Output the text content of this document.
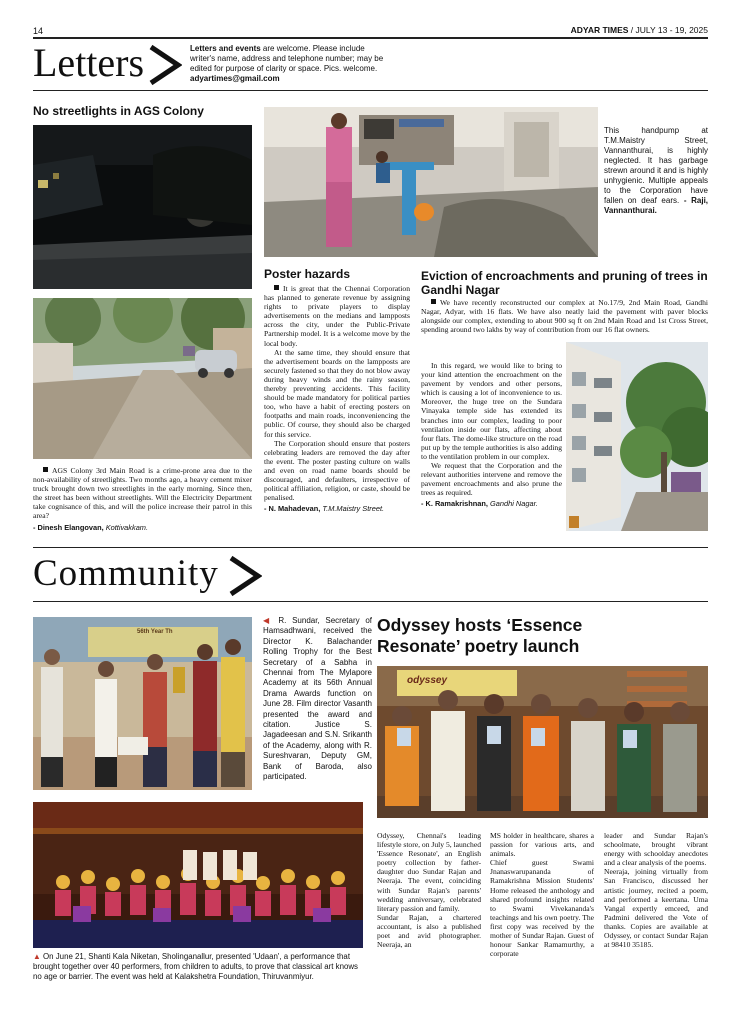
14	ADYAR TIMES / JULY 13 - 19, 2025
Letters	Letters and events are welcome. Please include writer's name, address and telephone number; may be edited for purpose of clarity or space. Pics. welcome. adyartimes@gmail.com
No streetlights in AGS Colony
AGS Colony 3rd Main Road is a crime-prone area due to the non-availability of streetlights. Two months ago, a heavy cement mixer truck brought down two streetlights in the early morning. Since then, the street has been without streetlights. Will the Electricity Department take cognisance of this, and will the police increase their patrol in this area?
- Dinesh Elangovan, Kottivakkam.
This handpump at T.M.Maistry Street, Vannanthurai, is highly neglected. It has garbage strewn around it and is highly unhygienic. Multiple appeals to the Corporation have fallen on deaf ears. - Raji, Vannanthurai.
Poster hazards

It is great that the Chennai Corporation has planned to generate revenue by assigning rights to private players to display advertisements on the medians and lampposts across the city, under the Public-Private Partnership model. It is a welcome move by the local body.

At the same time, they should ensure that the advertisement boards on the lampposts are securely fastened so that they do not blow away during heavy winds and the rainy season, thereby preventing accidents. This facility should be made mandatory for political parties too, who have a habit of erecting posters on footpaths and main roads, inconveniencing the public. Of course, they should also be charged for this service.

The Corporation should ensure that posters celebrating leaders are removed the day after the event. The poster pasting culture on walls and even on road name boards should be discouraged, and defaulters, irrespective of political affiliation, religion, or caste, should be penalised.

- N. Mahadevan, T.M.Maistry Street.
Eviction of encroachments and pruning of trees in Gandhi Nagar

We have recently reconstructed our complex at No.17/9, 2nd Main Road, Gandhi Nagar, Adyar, with 16 flats. We have also neatly laid the pavement with paver blocks alongside our complex, extending to about 900 sq ft on 2nd Main Road and 1st Cross Street, spending around two lakhs by way of contribution from our 16 flat owners.

In this regard, we would like to bring to your kind attention the encroachment on the pavement by vendors and other persons, which is causing a lot of inconvenience to us. Moreover, the huge tree on the Sundara Vinayaka temple side has extended its branches into our complex, leading to poor ventilation inside our flats, affecting about four flats. The dome-like structure on the road put up by the temple authorities is also adding to the ventilation problem in our complex.

We request that the Corporation and the relevant authorities intervene and remove the pavement encroachments and also prune the trees as required.

- K. Ramakrishnan, Gandhi Nagar.
Community
56th Year Th
◀ R. Sundar, Secretary of Hamsadhwani, received the Director K. Balachander Rolling Trophy for the Best Secretary of a Sabha in Chennai from The Mylapore Academy at its 56th Annual Drama Awards function on June 28. Film director Vasanth presented the award and citation. Justice S. Jagadeesan and S.N. Srikanth of the Academy, along with R. Sureshvaran, Deputy GM, Bank of Baroda, also participated.
▲ On June 21, Shanti Kala Niketan, Sholinganallur, presented 'Udaan', a performance that brought together over 40 performers, from children to adults, to prove that classical art knows no age or barrier. The event was held at Kalakshetra Foundation, Thiruvanmiyur.
Odyssey hosts ‘Essence Resonate’ poetry launch
odyssey
Odyssey, Chennai's leading lifestyle store, on July 5, launched 'Essence Resonate', an English poetry collection by father-daughter duo Sundar Rajan and Neeraja. The event, coinciding with Sundar Rajan's parents' wedding anniversary, celebrated literary passion and family.
Sundar Rajan, a chartered accountant, is also a published poet and avid photographer. Neeraja, an
MS holder in healthcare, shares a passion for various arts, and animals.
Chief guest Swami Jnanaswarupananda of Ramakrishna Mission Students' Home released the anthology and shared profound insights related to Swami Vivekananda's teachings and his own poetry. The first copy was received by the mother of Sundar Rajan. Guest of honour Sankar Ramamurthy, a corporate
leader and Sundar Rajan's schoolmate, brought vibrant energy with schoolday anecdotes and a clear analysis of the poems.
Neeraja, joining virtually from San Francisco, discussed her artistic journey, recited a poem, and performed a keertana. Uma Vangal expertly emceed, and Padmini delivered the Vote of thanks. Copies are available at Odyssey, or contact Sundar Rajan at 98410 35185.
